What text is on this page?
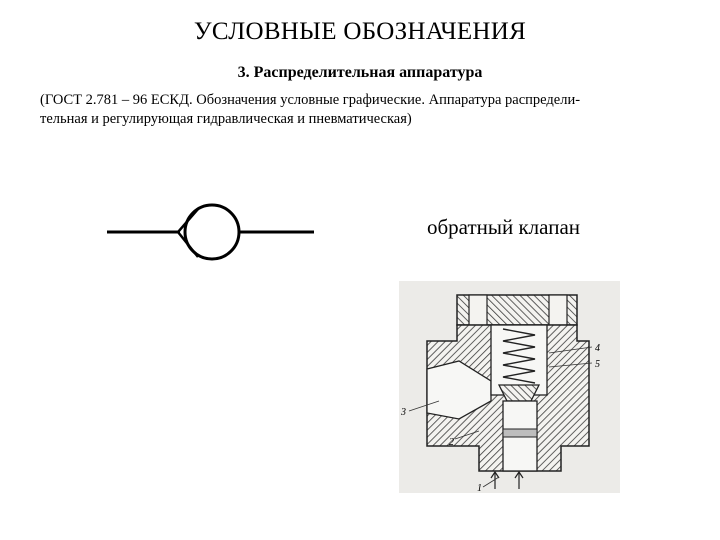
УСЛОВНЫЕ ОБОЗНАЧЕНИЯ
3. Распределительная аппаратура
(ГОСТ 2.781 – 96 ЕСКД. Обозначения условные графические. Аппаратура распредели-
тельная и регулирующая гидравлическая и пневматическая)
обратный клапан
4
5
3
2
1
